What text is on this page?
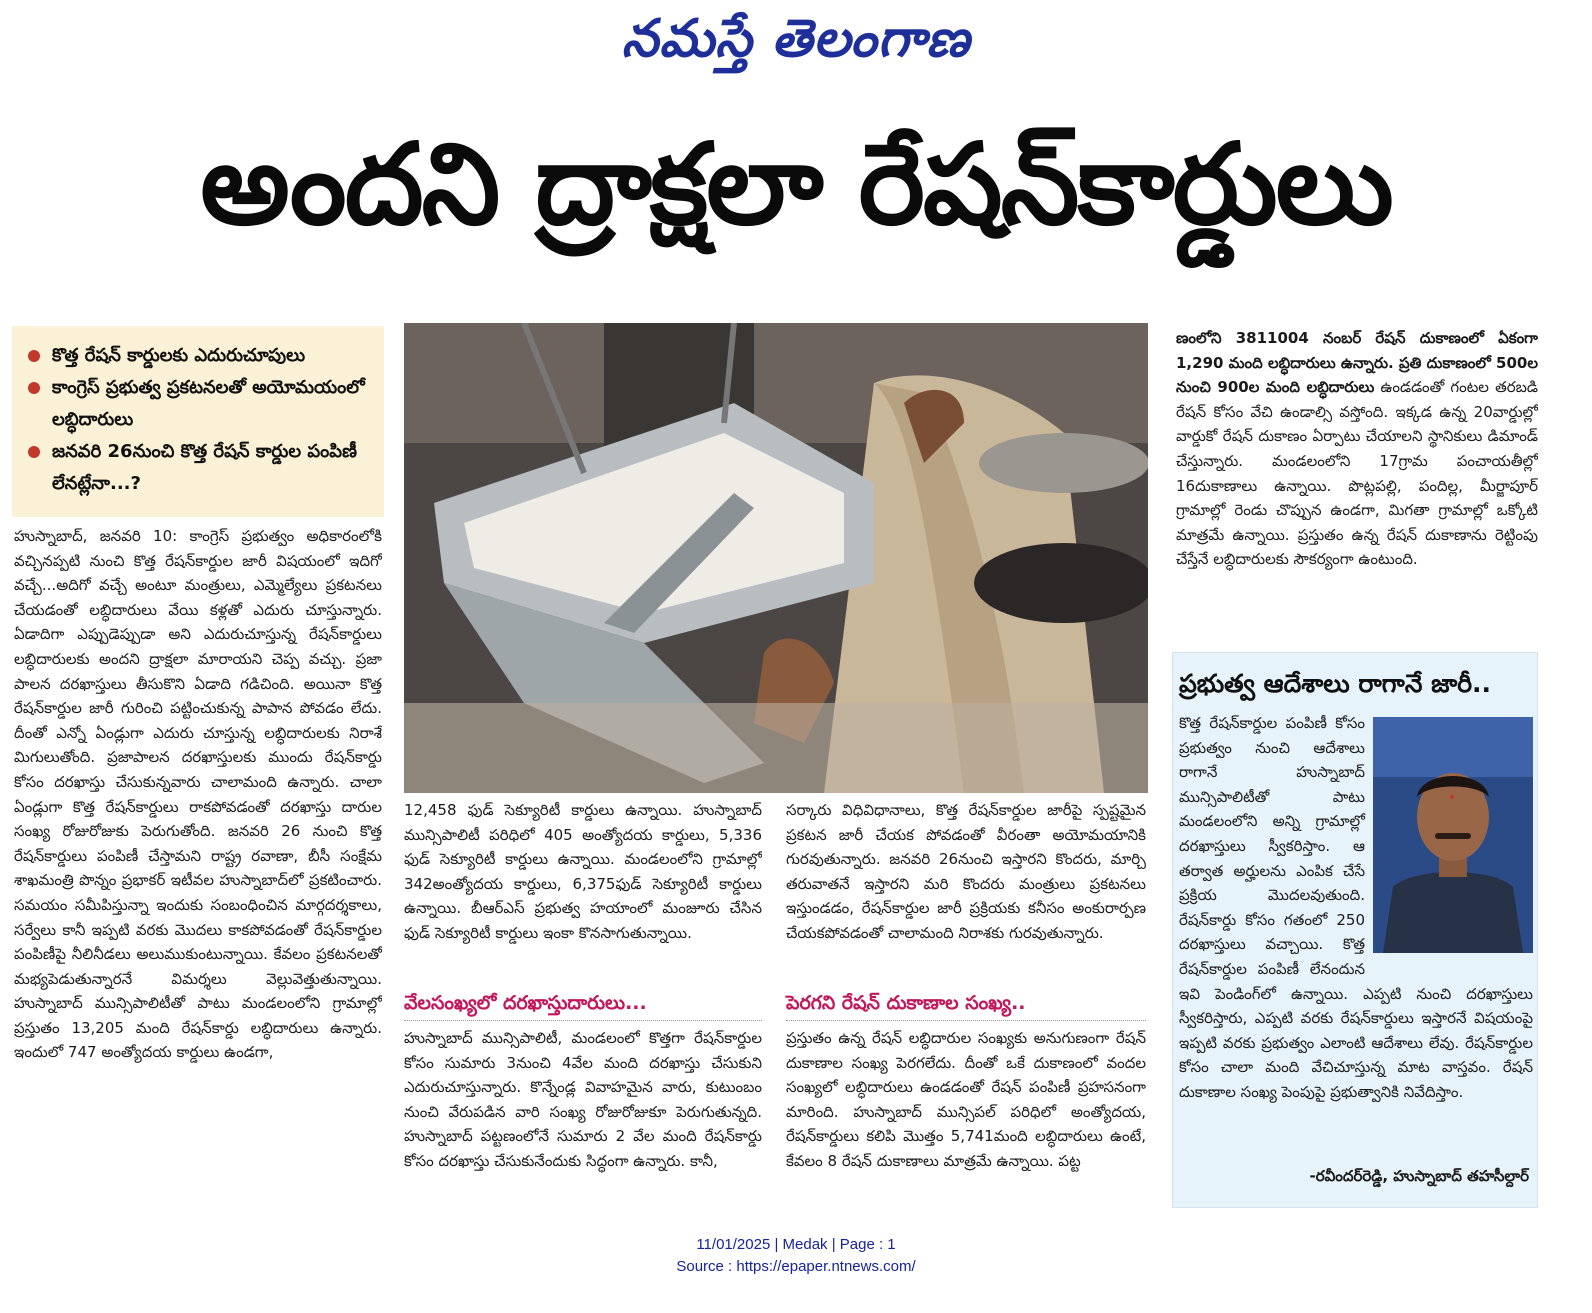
నమస్తే తెలంగాణ
అందని ద్రాక్షలా రేషన్‌కార్డులు
కొత్త రేషన్ కార్డులకు ఎదురుచూపులు
కాంగ్రెస్ ప్రభుత్వ ప్రకటనలతో అయోమయంలో లబ్ధిదారులు
జనవరి 26నుంచి కొత్త రేషన్ కార్డుల పంపిణీ లేనట్లేనా...?

హుస్నాబాద్, జనవరి 10: కాంగ్రెస్ ప్రభుత్వం అధికారంలోకి వచ్చినప్పటి నుంచి కొత్త రేషన్‌కార్డుల జారీ విషయంలో ఇదిగో వచ్చే...అదిగో వచ్చే అంటూ మంత్రులు, ఎమ్మెల్యేలు ప్రకటనలు చేయడంతో లబ్ధిదారులు వేయి కళ్లతో ఎదురు చూస్తున్నారు. ఏడాదిగా ఎప్పుడెప్పుడా అని ఎదురుచూస్తున్న రేషన్‌కార్డులు లబ్ధిదారులకు అందని ద్రాక్షలా మారాయని చెప్ప వచ్చు. ప్రజా పాలన దరఖాస్తులు తీసుకొని ఏడాది గడిచింది. అయినా కొత్త రేషన్‌కార్డుల జారీ గురించి పట్టించుకున్న పాపాన పోవడం లేదు. దీంతో ఎన్నో ఏండ్లుగా ఎదురు చూస్తున్న లబ్ధిదారులకు నిరాశే మిగులుతోంది. ప్రజాపాలన దరఖాస్తులకు ముందు రేషన్‌కార్డు కోసం దరఖాస్తు చేసుకున్నవారు చాలామంది ఉన్నారు. చాలా ఏండ్లుగా కొత్త రేషన్‌కార్డులు రాకపోవడంతో దరఖాస్తు దారుల సంఖ్య రోజురోజుకు పెరుగుతోంది. జనవరి 26 నుంచి కొత్త రేషన్‌కార్డులు పంపిణీ చేస్తామని రాష్ట్ర రవాణా, బీసీ సంక్షేమ శాఖమంత్రి పొన్నం ప్రభాకర్ ఇటీవల హుస్నాబాద్‌లో ప్రకటించారు. సమయం సమీపిస్తున్నా ఇందుకు సంబంధించిన మార్గదర్శకాలు, సర్వేలు కానీ ఇప్పటి వరకు మొదలు కాకపోవడంతో రేషన్‌కార్డుల పంపిణీపై నీలినీడలు అలుముకుంటున్నాయి. కేవలం ప్రకటనలతో మభ్యపెడుతున్నారనే విమర్శలు వెల్లువెత్తుతున్నాయి. హుస్నాబాద్ మున్సిపాలిటీతో పాటు మండలంలోని గ్రామాల్లో ప్రస్తుతం 13,205 మంది రేషన్‌కార్డు లబ్ధిదారులు ఉన్నారు. ఇందులో 747 అంత్యోదయ కార్డులు ఉండగా,

12,458 ఫుడ్ సెక్యూరిటీ కార్డులు ఉన్నాయి. హుస్నాబాద్ మున్సిపాలిటీ పరిధిలో 405 అంత్యోదయ కార్డులు, 5,336 ఫుడ్ సెక్యూరిటీ కార్డులు ఉన్నాయి. మండలంలోని గ్రామాల్లో 342అంత్యోదయ కార్డులు, 6,375ఫుడ్ సెక్యూరిటీ కార్డులు ఉన్నాయి. బీఆర్ఎస్ ప్రభుత్వ హయాంలో మంజూరు చేసిన ఫుడ్ సెక్యూరిటీ కార్డులు ఇంకా కొనసాగుతున్నాయి.

సర్కారు విధివిధానాలు, కొత్త రేషన్‌కార్డుల జారీపై స్పష్టమైన ప్రకటన జారీ చేయక పోవడంతో వీరంతా అయోమయానికి గురవుతున్నారు. జనవరి 26నుంచి ఇస్తారని కొందరు, మార్చి తరువాతనే ఇస్తారని మరి కొందరు మంత్రులు ప్రకటనలు ఇస్తుండడం, రేషన్‌కార్డుల జారీ ప్రక్రియకు కనీసం అంకురార్పణ చేయకపోవడంతో చాలామంది నిరాశకు గురవుతున్నారు.

వేలసంఖ్యలో దరఖాస్తుదారులు...	పెరగని రేషన్ దుకాణాల సంఖ్య..

హుస్నాబాద్ మున్సిపాలిటీ, మండలంలో కొత్తగా రేషన్‌కార్డుల కోసం సుమారు 3నుంచి 4వేల మంది దరఖాస్తు చేసుకుని ఎదురుచూస్తున్నారు. కొన్నేండ్ల వివాహమైన వారు, కుటుంబం నుంచి వేరుపడిన వారి సంఖ్య రోజురోజుకూ పెరుగుతున్నది. హుస్నాబాద్ పట్టణంలోనే సుమారు 2 వేల మంది రేషన్‌కార్డు కోసం దరఖాస్తు చేసుకునేందుకు సిద్ధంగా ఉన్నారు. కానీ,

ప్రస్తుతం ఉన్న రేషన్ లబ్ధిదారుల సంఖ్యకు అనుగుణంగా రేషన్ దుకాణాల సంఖ్య పెరగలేదు. దీంతో ఒకే దుకాణంలో వందల సంఖ్యలో లబ్ధిదారులు ఉండడంతో రేషన్ పంపిణీ ప్రహసనంగా మారింది. హుస్నాబాద్ మున్సిపల్ పరిధిలో అంత్యోదయ, రేషన్‌కార్డులు కలిపి మొత్తం 5,741మంది లబ్ధిదారులు ఉంటే, కేవలం 8 రేషన్ దుకాణాలు మాత్రమే ఉన్నాయి. పట్ట

ణంలోని 3811004 నంబర్ రేషన్ దుకాణంలో ఏకంగా 1,290 మంది లబ్ధిదారులు ఉన్నారు. ప్రతి దుకాణంలో 500ల నుంచి 900ల మంది లబ్ధిదారులు ఉండడంతో గంటల తరబడి రేషన్ కోసం వేచి ఉండాల్సి వస్తోంది. ఇక్కడ ఉన్న 20వార్డుల్లో వార్డుకో రేషన్ దుకాణం ఏర్పాటు చేయాలని స్థానికులు డిమాండ్ చేస్తున్నారు. మండలంలోని 17గ్రామ పంచాయతీల్లో 16దుకాణాలు ఉన్నాయి. పొట్లపల్లి, పందిల్ల, మీర్జాపూర్ గ్రామాల్లో రెండు చొప్పున ఉండగా, మిగతా గ్రామాల్లో ఒక్కోటి మాత్రమే ఉన్నాయి. ప్రస్తుతం ఉన్న రేషన్ దుకాణాను రెట్టింపు చేస్తేనే లబ్ధిదారులకు సౌకర్యంగా ఉంటుంది.

ప్రభుత్వ ఆదేశాలు రాగానే జారీ..

కొత్త రేషన్‌కార్డుల పంపిణీ కోసం ప్రభుత్వం నుంచి ఆదేశాలు రాగానే హుస్నాబాద్ మున్సిపాలిటీతో పాటు మండలంలోని అన్ని గ్రామాల్లో దరఖాస్తులు స్వీకరిస్తాం. ఆ తర్వాత అర్హులను ఎంపిక చేసే ప్రక్రియ మొదలవుతుంది. రేషన్‌కార్డు కోసం గతంలో 250 దరఖాస్తులు వచ్చాయి. కొత్త రేషన్‌కార్డుల పంపిణీ లేనందున ఇవి పెండింగ్‌లో ఉన్నాయి. ఎప్పటి నుంచి దరఖాస్తులు స్వీకరిస్తారు, ఎప్పటి వరకు రేషన్‌కార్డులు ఇస్తారనే విషయంపై ఇప్పటి వరకు ప్రభుత్వం ఎలాంటి ఆదేశాలు లేవు. రేషన్‌కార్డుల కోసం చాలా మంది వేచిచూస్తున్న మాట వాస్తవం. రేషన్ దుకాణాల సంఖ్య పెంపుపై ప్రభుత్వానికి నివేదిస్తాం.

-రవీందర్‌రెడ్డి, హుస్నాబాద్ తహసీల్దార్
11/01/2025 | Medak | Page : 1
Source : https://epaper.ntnews.com/
